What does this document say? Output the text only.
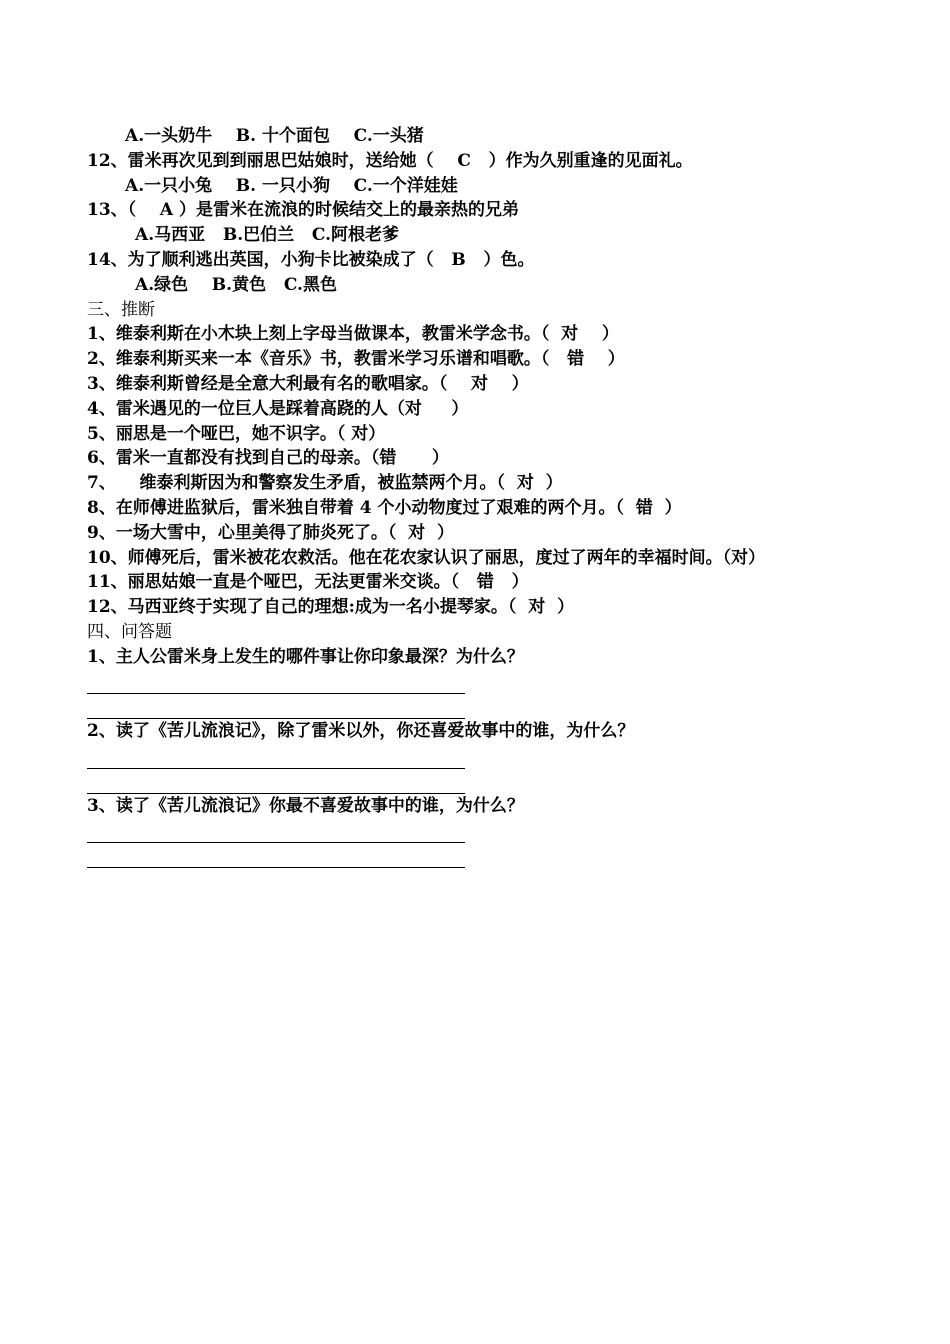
A.一头奶牛    B. 十个面包    C.一头猪
12、雷米再次见到到丽思巴姑娘时，送给她（    C   ）作为久别重逢的见面礼。
A.一只小兔    B. 一只小狗    C.一个洋娃娃
13、（    A ）是雷米在流浪的时候结交上的最亲热的兄弟
A.马西亚   B.巴伯兰   C.阿根老爹
14、为了顺利逃出英国，小狗卡比被染成了（   B   ）色。
A.绿色    B.黄色   C.黑色
三、推断
1、维泰利斯在小木块上刻上字母当做课本，教雷米学念书。（  对    ）
2、维泰利斯买来一本《音乐》书，教雷米学习乐谱和唱歌。（   错    ）
3、维泰利斯曾经是全意大利最有名的歌唱家。（    对    ）
4、雷米遇见的一位巨人是踩着高跷的人（对     ）
5、丽思是一个哑巴，她不识字。（ 对）
6、雷米一直都没有找到自己的母亲。（错      ）
7、    维泰利斯因为和警察发生矛盾，被监禁两个月。（  对  ）
8、在师傅进监狱后，雷米独自带着 4 个小动物度过了艰难的两个月。（  错  ）
9、一场大雪中，心里美得了肺炎死了。（  对  ）
10、师傅死后，雷米被花农救活。他在花农家认识了丽思，度过了两年的幸福时间。（对）
11、丽思姑娘一直是个哑巴，无法更雷米交谈。（   错   ）
12、马西亚终于实现了自己的理想:成为一名小提琴家。（  对  ）
四、问答题
1、主人公雷米身上发生的哪件事让你印象最深？为什么？
2、读了《苦儿流浪记》，除了雷米以外，你还喜爱故事中的谁，为什么？
3、读了《苦儿流浪记》你最不喜爱故事中的谁，为什么？
